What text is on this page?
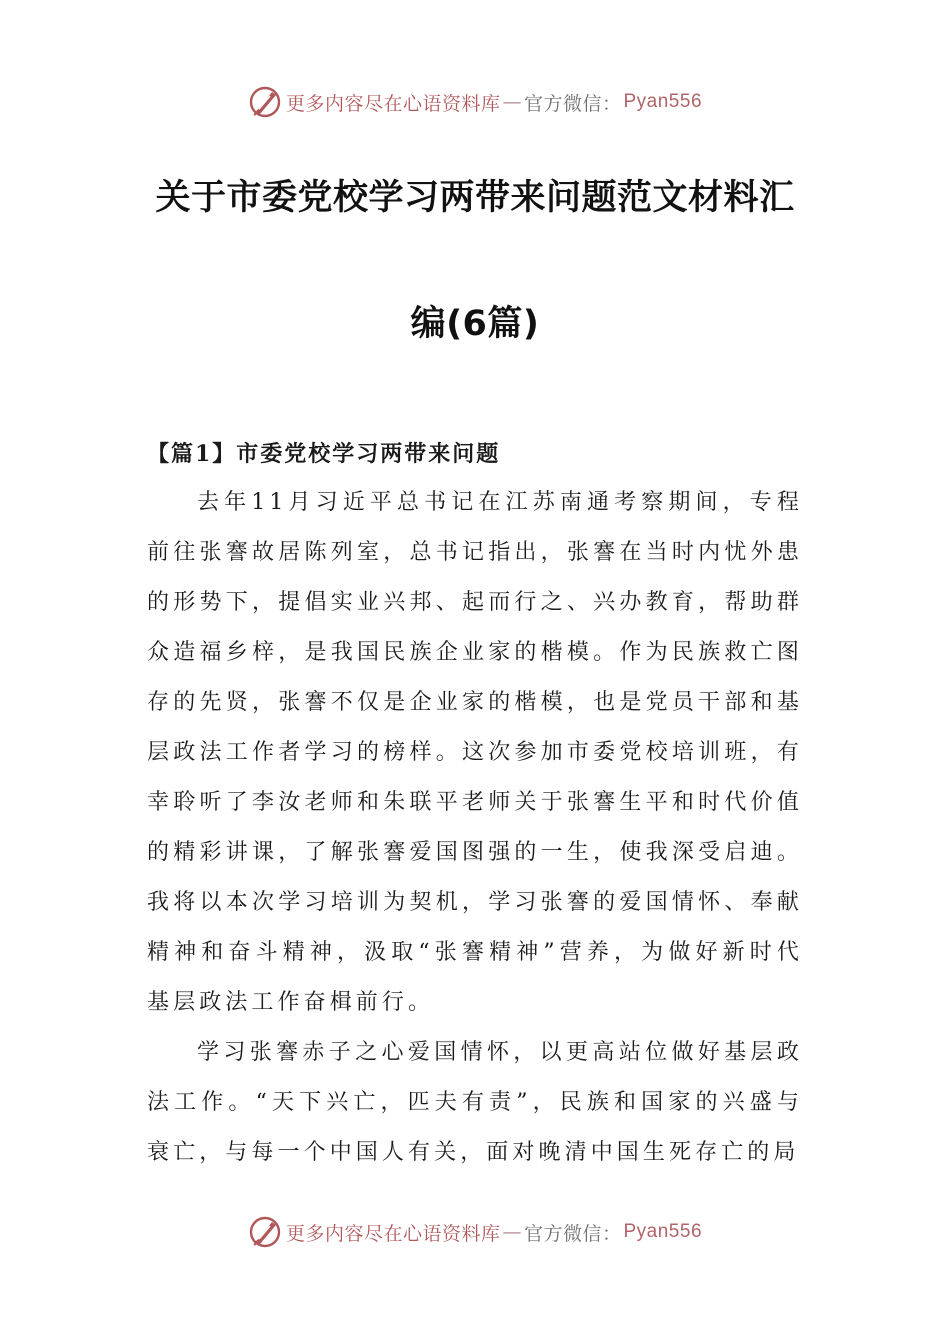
更多内容尽在心语资料库 — 官方微信： Pyan556
关于市委党校学习两带来问题范文材料汇
编(6篇)
【篇1】市委党校学习两带来问题

去年11月习近平总书记在江苏南通考察期间，专程前往张謇故居陈列室，总书记指出，张謇在当时内忧外患的形势下，提倡实业兴邦、起而行之、兴办教育，帮助群众造福乡梓，是我国民族企业家的楷模。作为民族救亡图存的先贤，张謇不仅是企业家的楷模，也是党员干部和基层政法工作者学习的榜样。这次参加市委党校培训班，有幸聆听了李汝老师和朱联平老师关于张謇生平和时代价值的精彩讲课，了解张謇爱国图强的一生，使我深受启迪。我将以本次学习培训为契机，学习张謇的爱国情怀、奉献精神和奋斗精神，汲取“张謇精神”营养，为做好新时代基层政法工作奋楫前行。

学习张謇赤子之心爱国情怀，以更高站位做好基层政法工作。“天下兴亡，匹夫有责”，民族和国家的兴盛与衰亡，与每一个中国人有关，面对晚清中国生死存亡的局

更多内容尽在心语资料库 — 官方微信： Pyan556
